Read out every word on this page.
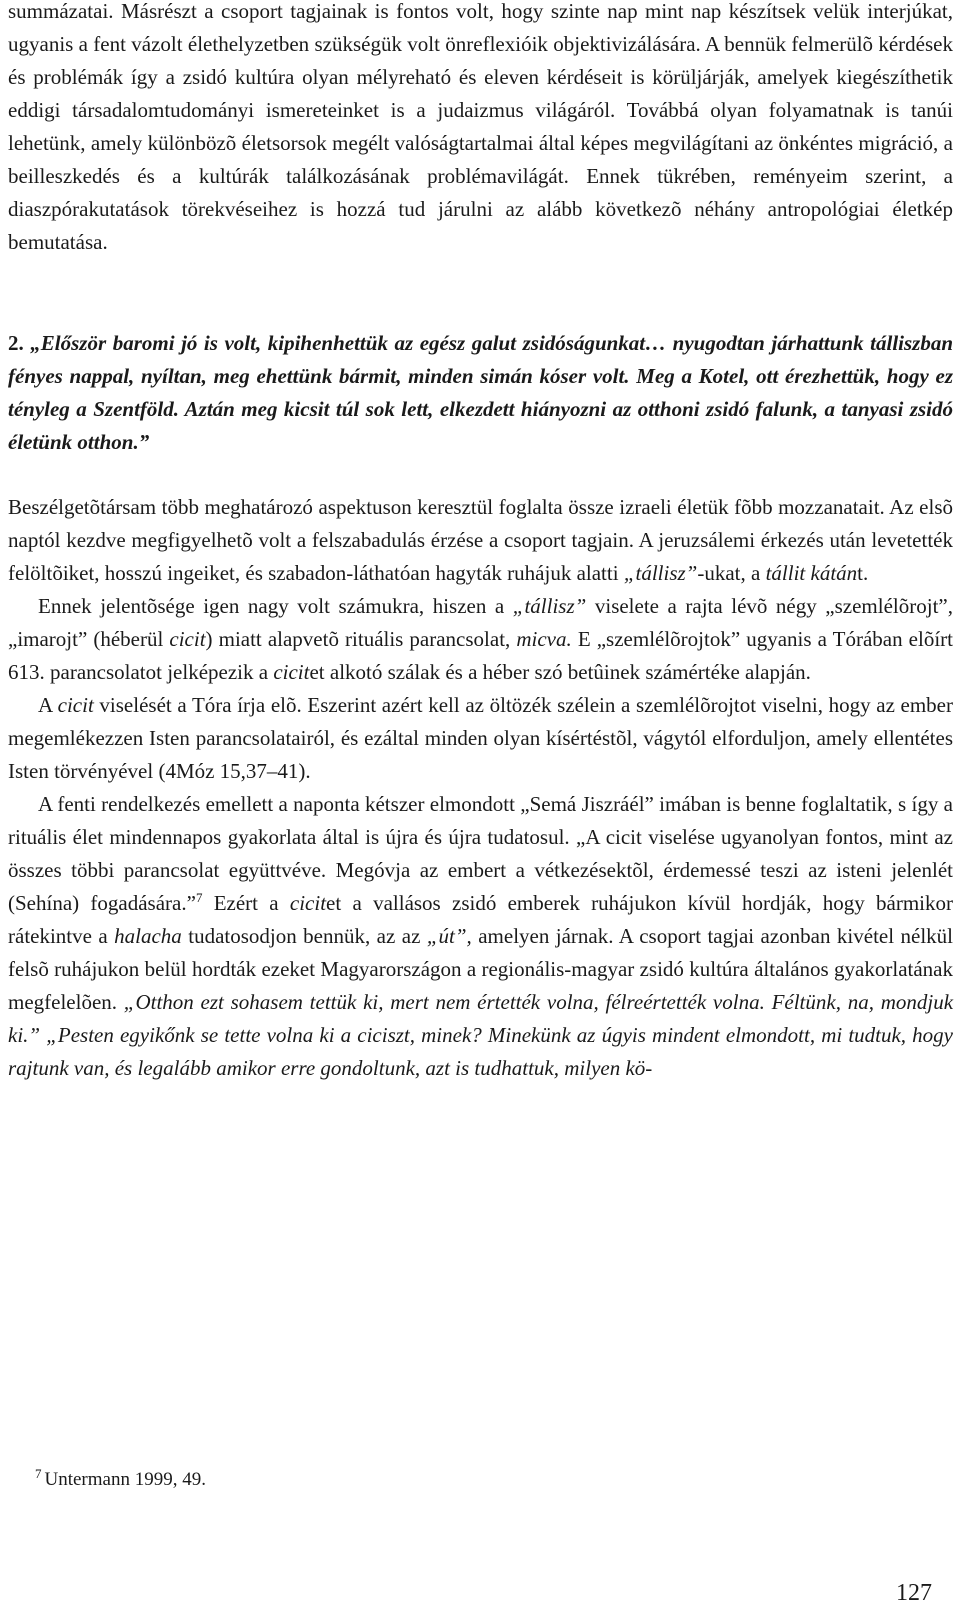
summázatai. Másrészt a csoport tagjainak is fontos volt, hogy szinte nap mint nap készítsek velük interjúkat, ugyanis a fent vázolt élethelyzetben szükségük volt önreflexióik objektivizálására. A bennük felmerülõ kérdések és problémák így a zsidó kultúra olyan mélyreható és eleven kérdéseit is körüljárják, amelyek kiegészíthetik eddigi társadalomtudományi ismereteinket is a judaizmus világáról. Továbbá olyan folyamatnak is tanúi lehetünk, amely különbözõ életsorsok megélt valóságtartalmai által képes megvilágítani az önkéntes migráció, a beilleszkedés és a kultúrák találkozásának problémavilágát. Ennek tükrében, reményeim szerint, a diaszpórakutatások törekvéseihez is hozzá tud járulni az alább következõ néhány antropológiai életkép bemutatása.

2. „Először baromi jó is volt, kipihenhettük az egész galut zsidóságunkat… nyugodtan járhattunk tálliszban fényes nappal, nyíltan, meg ehettünk bármit, minden simán kóser volt. Meg a Kotel, ott érezhettük, hogy ez tényleg a Szentföld. Aztán meg kicsit túl sok lett, elkezdett hiányozni az otthoni zsidó falunk, a tanyasi zsidó életünk otthon.”

Beszélgetõtársam több meghatározó aspektuson keresztül foglalta össze izraeli életük fõbb mozzanatait. Az elsõ naptól kezdve megfigyelhetõ volt a felszabadulás érzése a csoport tagjain. A jeruzsálemi érkezés után levetették felöltõiket, hosszú ingeiket, és szabadon-láthatóan hagyták ruhájuk alatti „tállisz”-ukat, a tállit kátánt.

Ennek jelentõsége igen nagy volt számukra, hiszen a „tállisz” viselete a rajta lévõ négy „szemlélõrojt”, „imarojt” (héberül cicit) miatt alapvetõ rituális parancsolat, micva. E „szemlélõrojtok” ugyanis a Tórában elõírt 613. parancsolatot jelképezik a cicitet alkotó szálak és a héber szó betûinek számértéke alapján.

A cicit viselését a Tóra írja elõ. Eszerint azért kell az öltözék szélein a szemlélõrojtot viselni, hogy az ember megemlékezzen Isten parancsolatairól, és ezáltal minden olyan kísértéstõl, vágytól elforduljon, amely ellentétes Isten törvényével (4Móz 15,37–41).

A fenti rendelkezés emellett a naponta kétszer elmondott „Semá Jiszráél” imában is benne foglaltatik, s így a rituális élet mindennapos gyakorlata által is újra és újra tudatosul. „A cicit viselése ugyanolyan fontos, mint az összes többi parancsolat együttvéve. Megóvja az embert a vétkezésektõl, érdemessé teszi az isteni jelenlét (Sehína) fogadására.”$^7$ Ezért a cicitet a vallásos zsidó emberek ruhájukon kívül hordják, hogy bármikor rátekintve a halacha tudatosodjon bennük, az az „út”, amelyen járnak. A csoport tagjai azonban kivétel nélkül felsõ ruhájukon belül hordták ezeket Magyarországon a regionális-magyar zsidó kultúra általános gyakorlatának megfelelõen. „Otthon ezt sohasem tettük ki, mert nem értették volna, félreértették volna. Féltünk, na, mondjuk ki.” „Pesten egyikőnk se tette volna ki a ciciszt, minek? Minekünk az úgyis mindent elmondott, mi tudtuk, hogy rajtunk van, és legalább amikor erre gondoltunk, azt is tudhattuk, milyen kö-

$^7$ Untermann 1999, 49.
127
